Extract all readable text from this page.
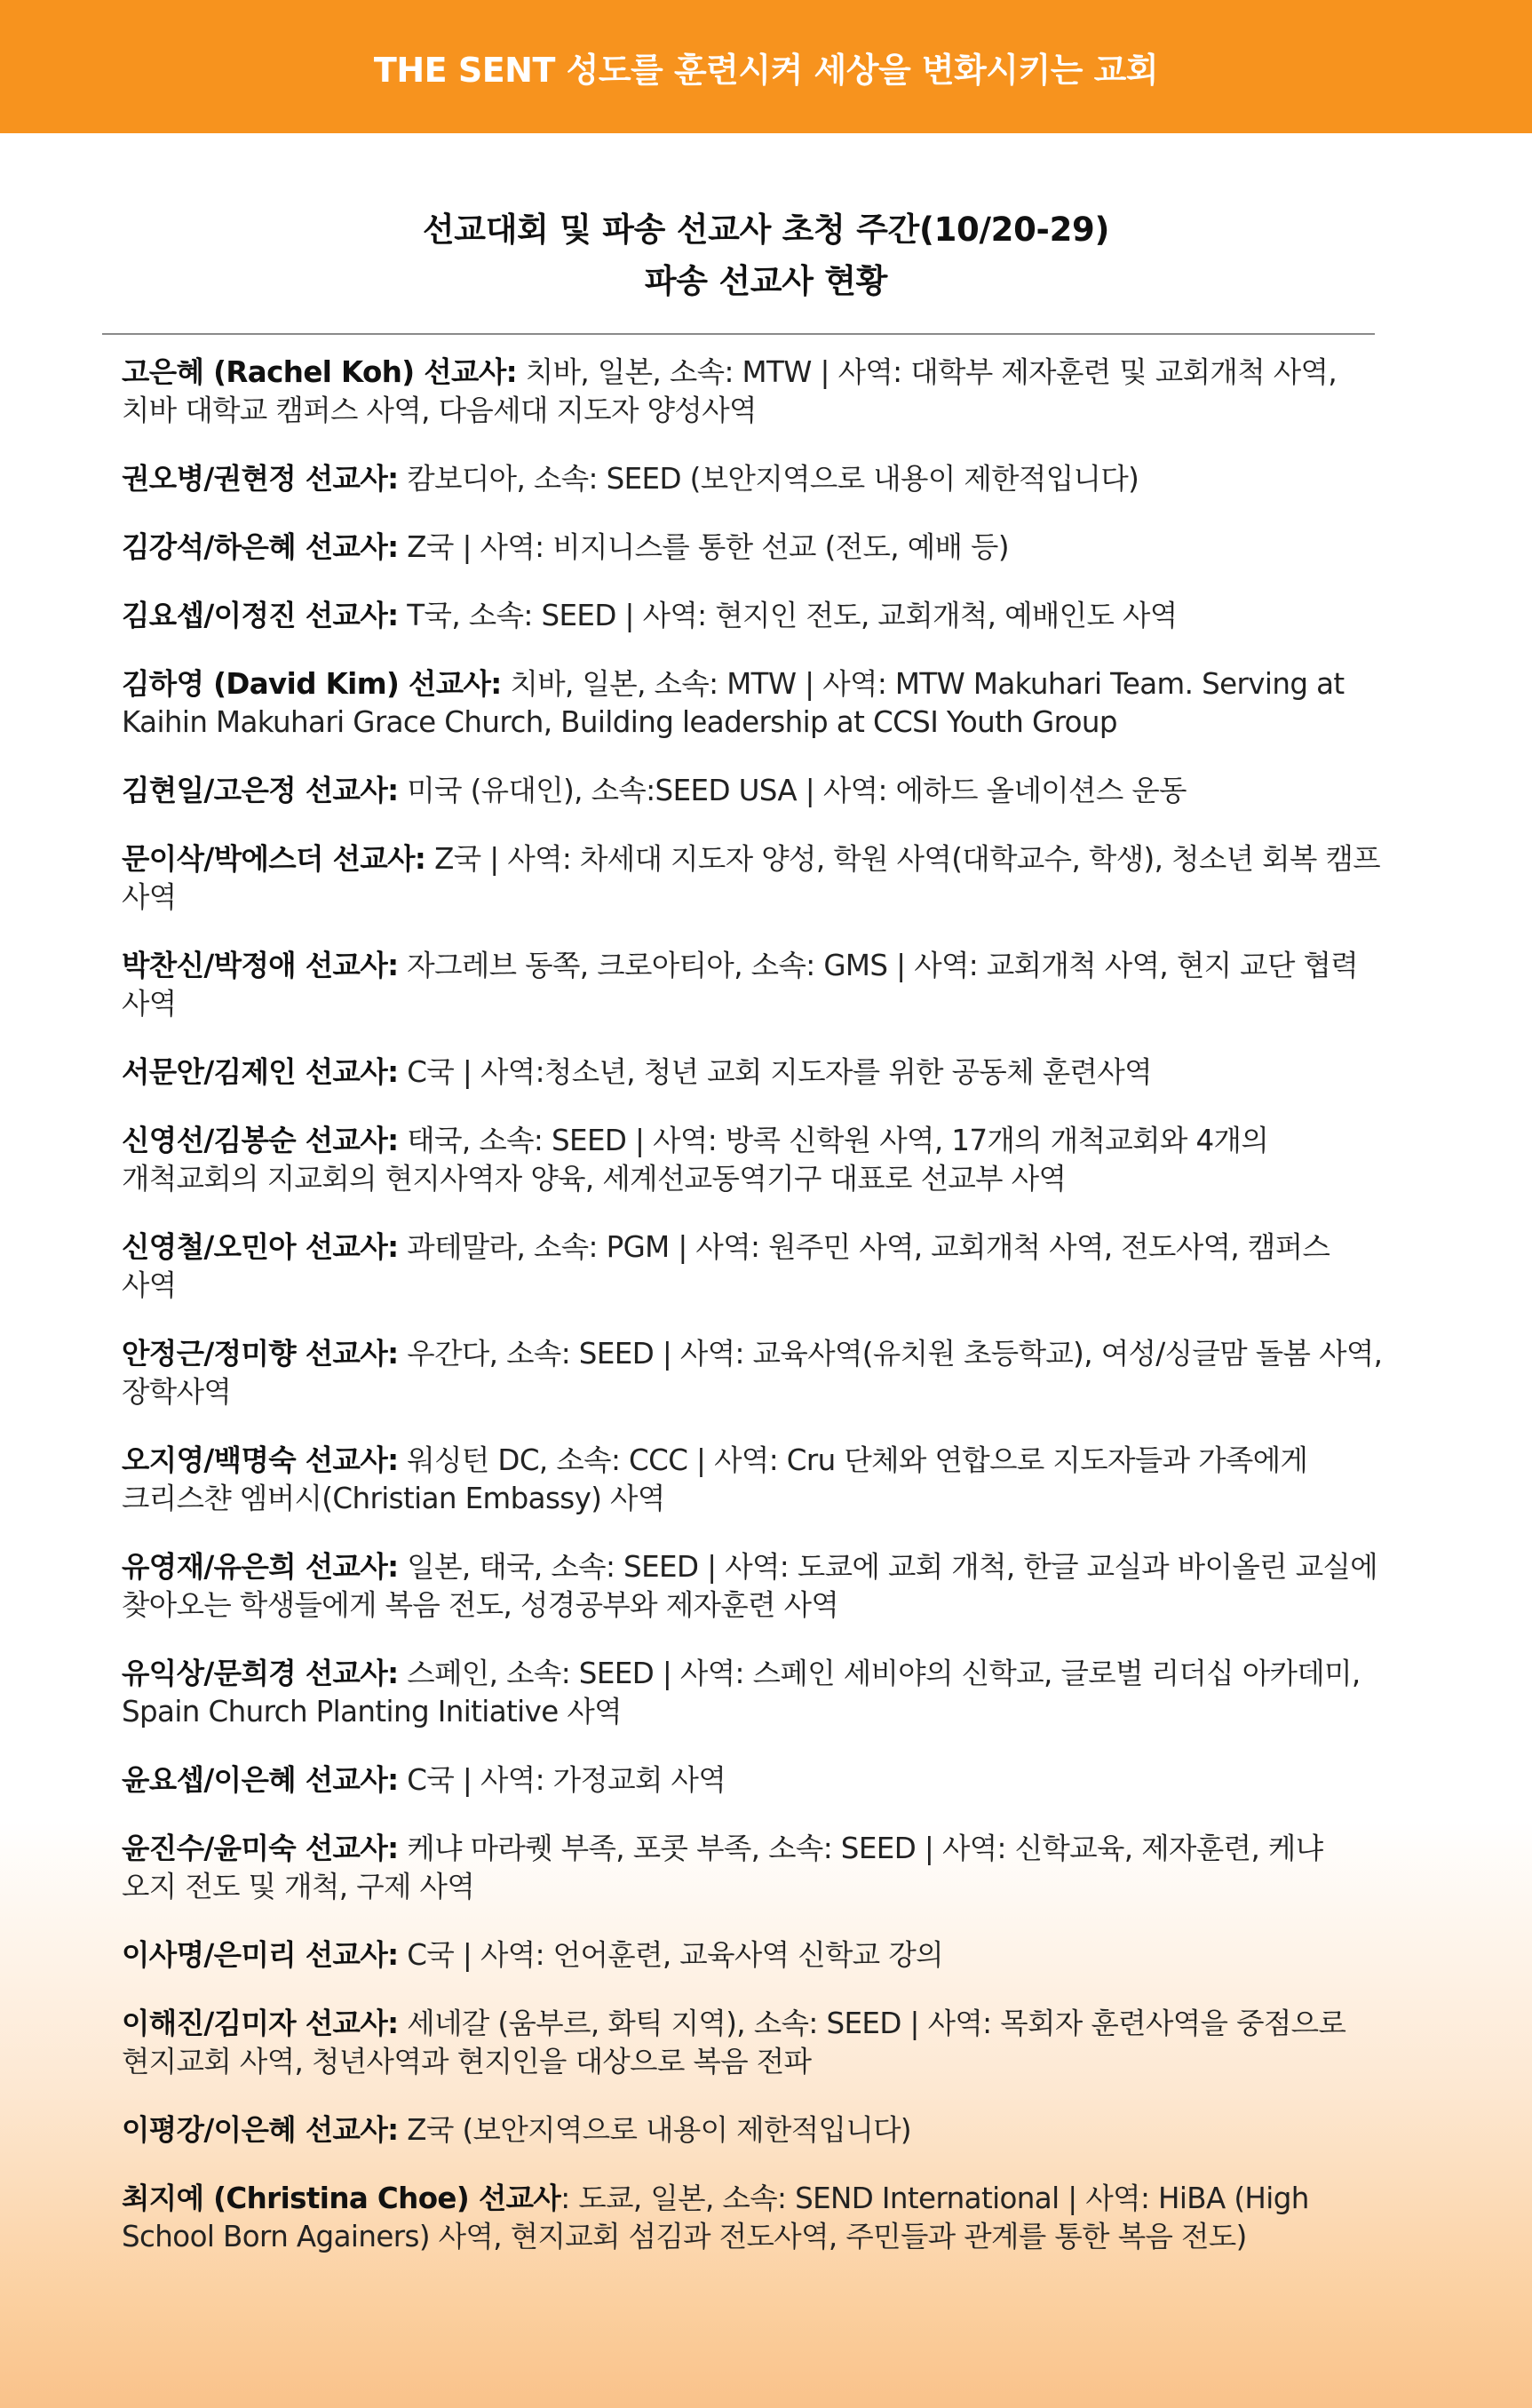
THE SENT 성도를 훈련시켜 세상을 변화시키는 교회
선교대회 및 파송 선교사 초청 주간(10/20-29)
파송 선교사 현황
고은혜 (Rachel Koh) 선교사: 치바, 일본, 소속: MTW | 사역: 대학부 제자훈련 및 교회개척 사역, 치바 대학교 캠퍼스 사역, 다음세대 지도자 양성사역
권오병/권현정 선교사: 캄보디아, 소속: SEED (보안지역으로 내용이 제한적입니다)
김강석/하은혜 선교사: Z국 | 사역: 비지니스를 통한 선교 (전도, 예배 등)
김요셉/이정진 선교사: T국, 소속: SEED | 사역: 현지인 전도, 교회개척, 예배인도 사역
김하영 (David Kim) 선교사: 치바, 일본, 소속: MTW | 사역: MTW Makuhari Team. Serving at Kaihin Makuhari Grace Church, Building leadership at CCSI Youth Group
김현일/고은정 선교사: 미국 (유대인), 소속:SEED USA | 사역: 에하드 올네이션스 운동
문이삭/박에스더 선교사: Z국 | 사역: 차세대 지도자 양성, 학원 사역(대학교수, 학생), 청소년 회복 캠프 사역
박찬신/박정애 선교사: 자그레브 동쪽, 크로아티아, 소속: GMS | 사역: 교회개척 사역, 현지 교단 협력 사역
서문안/김제인 선교사: C국 | 사역:청소년, 청년 교회 지도자를 위한 공동체 훈련사역
신영선/김봉순 선교사: 태국, 소속: SEED | 사역: 방콕 신학원 사역, 17개의 개척교회와 4개의 개척교회의 지교회의 현지사역자 양육, 세계선교동역기구 대표로 선교부 사역
신영철/오민아 선교사: 과테말라, 소속: PGM | 사역: 원주민 사역, 교회개척 사역, 전도사역, 캠퍼스 사역
안정근/정미향 선교사: 우간다, 소속: SEED | 사역: 교육사역(유치원 초등학교), 여성/싱글맘 돌봄 사역, 장학사역
오지영/백명숙 선교사: 워싱턴 DC, 소속: CCC | 사역: Cru 단체와 연합으로 지도자들과 가족에게 크리스챤 엠버시(Christian Embassy) 사역
유영재/유은희 선교사: 일본, 태국, 소속: SEED | 사역: 도쿄에 교회 개척, 한글 교실과 바이올린 교실에 찾아오는 학생들에게 복음 전도, 성경공부와 제자훈련 사역
유익상/문희경 선교사: 스페인, 소속: SEED | 사역: 스페인 세비야의 신학교, 글로벌 리더십 아카데미, Spain Church Planting Initiative 사역
윤요셉/이은혜 선교사: C국 | 사역: 가정교회 사역
윤진수/윤미숙 선교사: 케냐 마라퀫 부족, 포콧 부족, 소속: SEED | 사역: 신학교육, 제자훈련, 케냐 오지 전도 및 개척, 구제 사역
이사명/은미리 선교사: C국 | 사역: 언어훈련, 교육사역 신학교 강의
이해진/김미자 선교사: 세네갈 (움부르, 화틱 지역), 소속: SEED | 사역: 목회자 훈련사역을 중점으로 현지교회 사역, 청년사역과 현지인을 대상으로 복음 전파
이평강/이은혜 선교사: Z국 (보안지역으로 내용이 제한적입니다)
최지예 (Christina Choe) 선교사: 도쿄, 일본, 소속: SEND International | 사역: HiBA (High School Born Againers) 사역, 현지교회 섬김과 전도사역, 주민들과 관계를 통한 복음 전도)
